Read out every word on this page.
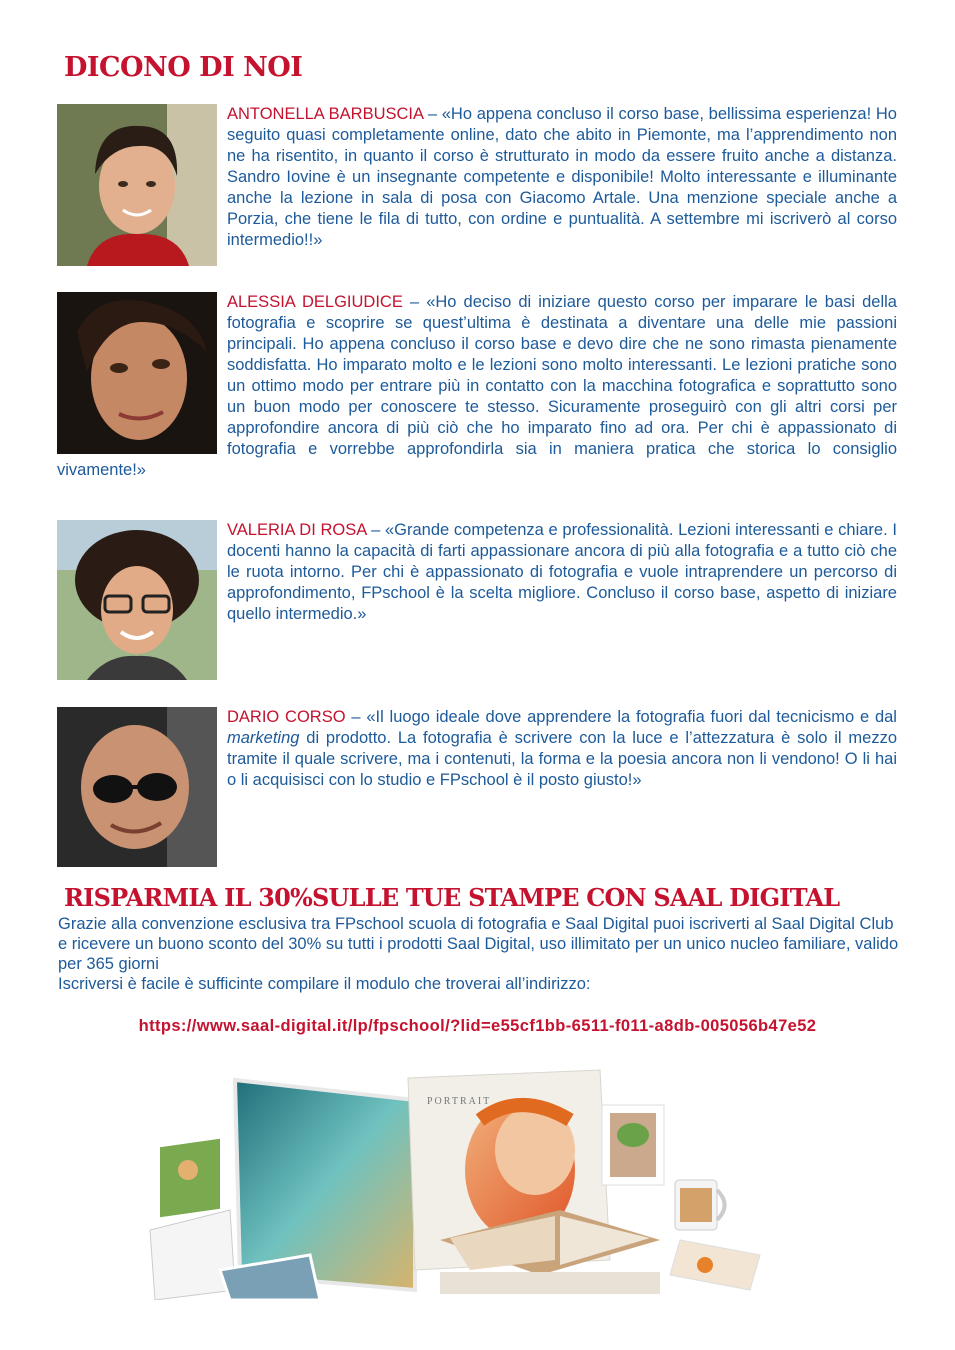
DICONO DI NOI

ANTONELLA BARBUSCIA – «Ho appena concluso il corso base, bellissima esperienza! Ho seguito quasi completamente online, dato che abito in Piemonte, ma l’apprendimento non ne ha risentito, in quanto il corso è strutturato in modo da essere fruito anche a distanza. Sandro Iovine è un insegnante competente e disponibile! Molto interessante e illuminante anche la lezione in sala di posa con Giacomo Artale. Una menzione speciale anche a Porzia, che tiene le fila di tutto, con ordine e puntualità. A settembre mi iscriverò al corso intermedio!!»

ALESSIA DELGIUDICE – «Ho deciso di iniziare questo corso per imparare le basi della fotografia e scoprire se quest’ultima è destinata a diventare una delle mie passioni principali. Ho appena concluso il corso base e devo dire che ne sono rimasta pienamente soddisfatta. Ho imparato molto e le lezioni sono molto interessanti. Le lezioni pratiche sono un ottimo modo per entrare più in contatto con la macchina fotografica e soprattutto sono un buon modo per conoscere te stesso. Sicuramente proseguirò con gli altri corsi per approfondire ancora di più ciò che ho imparato fino ad ora. Per chi è appassionato di fotografia e vorrebbe approfondirla sia in maniera pratica che storica lo consiglio vivamente!»

VALERIA DI ROSA – «Grande competenza e professionalità. Lezioni interessanti e chiare. I docenti hanno la capacità di farti appassionare ancora di più alla fotografia e a tutto ciò che le ruota intorno. Per chi è appassionato di fotografia e vuole intraprendere un percorso di approfondimento, FPschool è la scelta migliore. Concluso il corso base, aspetto di iniziare quello intermedio.»

DARIO CORSO – «Il luogo ideale dove apprendere la fotografia fuori dal tecnicismo e dal marketing di prodotto. La fotografia è scrivere con la luce e l’attezzatura è solo il mezzo tramite il quale scrivere, ma i contenuti, la forma e la poesia ancora non li vendono! O li hai o li acquisisci con lo studio e FPschool è il posto giusto!»

RISPARMIA IL 30%SULLE TUE STAMPE CON SAAL DIGITAL

Grazie alla convenzione esclusiva tra FPschool scuola di fotografia e Saal Digital puoi iscriverti al Saal Digital Club e ricevere un buono sconto del 30% su tutti i prodotti Saal Digital, uso illimitato per un unico nucleo familiare, valido per 365 giorni

Iscriversi è facile è sufficinte compilare il modulo che troverai all’indirizzo:

https://www.saal-digital.it/lp/fpschool/?lid=e55cf1bb-6511-f011-a8db-005056b47e52
PORTRAIT
